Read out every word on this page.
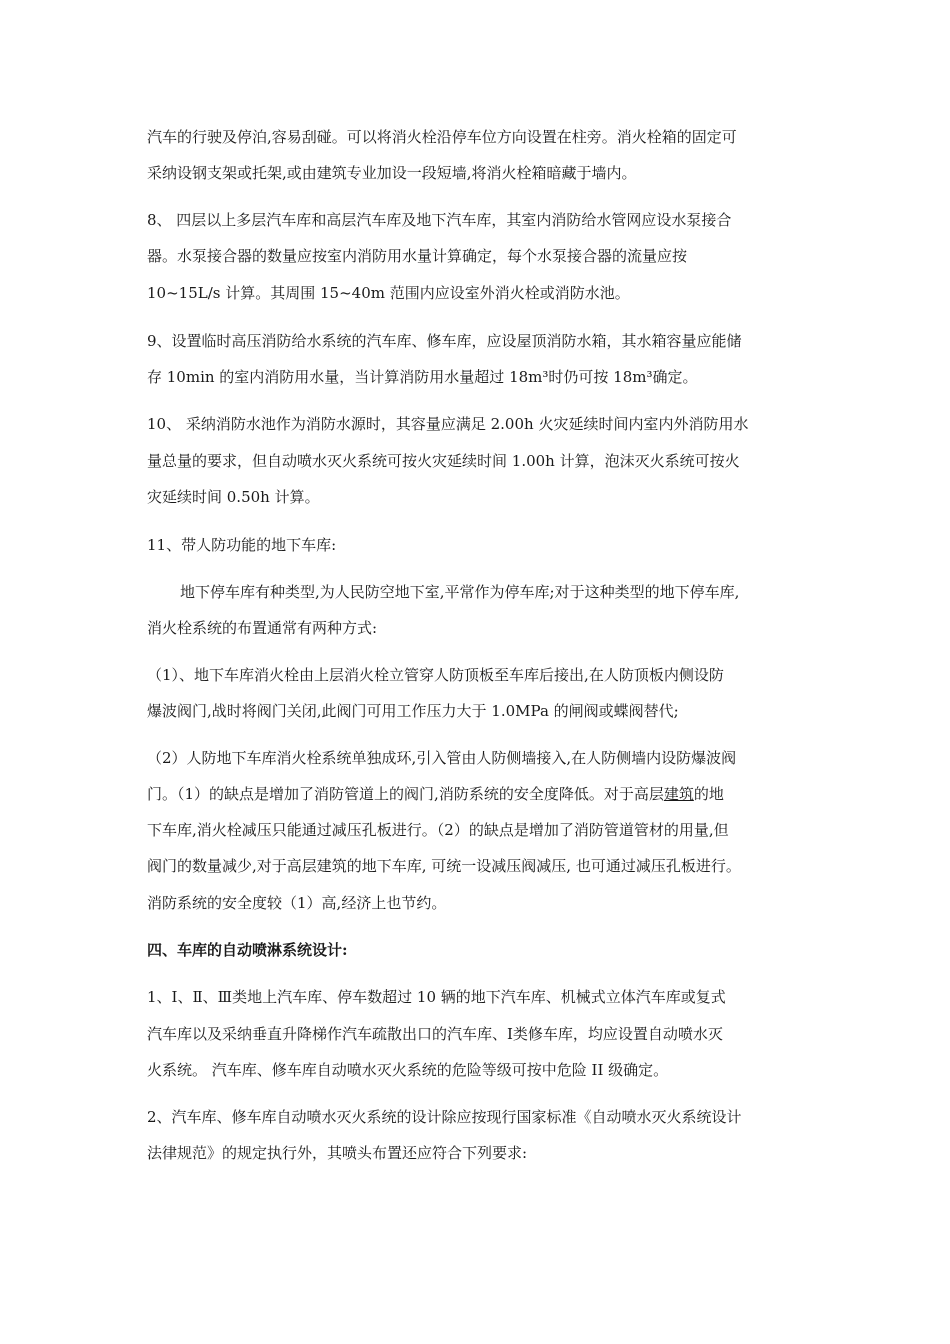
汽车的行驶及停泊,容易刮碰。可以将消火栓沿停车位方向设置在柱旁。消火栓箱的固定可

采纳设钢支架或托架,或由建筑专业加设一段短墙,将消火栓箱暗藏于墙内。

8、 四层以上多层汽车库和高层汽车库及地下汽车库，其室内消防给水管网应设水泵接合

器。水泵接合器的数量应按室内消防用水量计算确定，每个水泵接合器的流量应按

10~15L/s 计算。其周围 15~40m 范围内应设室外消火栓或消防水池。

9、设置临时高压消防给水系统的汽车库、修车库，应设屋顶消防水箱，其水箱容量应能储

存 10min 的室内消防用水量，当计算消防用水量超过 18m³时仍可按 18m³确定。

10、 采纳消防水池作为消防水源时，其容量应满足 2.00h 火灾延续时间内室内外消防用水

量总量的要求，但自动喷水灭火系统可按火灾延续时间 1.00h 计算，泡沫灭火系统可按火

灾延续时间 0.50h 计算。

11、带人防功能的地下车库:

地下停车库有种类型,为人民防空地下室,平常作为停车库;对于这种类型的地下停车库,

消火栓系统的布置通常有两种方式:

（1）、地下车库消火栓由上层消火栓立管穿人防顶板至车库后接出,在人防顶板内侧设防

爆波阀门,战时将阀门关闭,此阀门可用工作压力大于 1.0MPa 的闸阀或蝶阀替代;

（2）人防地下车库消火栓系统单独成环,引入管由人防侧墙接入,在人防侧墙内设防爆波阀

门。（1）的缺点是增加了消防管道上的阀门,消防系统的安全度降低。对于高层建筑的地

下车库,消火栓减压只能通过减压孔板进行。（2）的缺点是增加了消防管道管材的用量,但

阀门的数量减少,对于高层建筑的地下车库, 可统一设减压阀减压, 也可通过减压孔板进行。

消防系统的安全度较（1）高,经济上也节约。

四、车库的自动喷淋系统设计:

1、Ⅰ、Ⅱ、Ⅲ类地上汽车库、停车数超过 10 辆的地下汽车库、机械式立体汽车库或复式

汽车库以及采纳垂直升降梯作汽车疏散出口的汽车库、Ⅰ类修车库，均应设置自动喷水灭

火系统。 汽车库、修车库自动喷水灭火系统的危险等级可按中危险 II 级确定。

2、汽车库、修车库自动喷水灭火系统的设计除应按现行国家标准《自动喷水灭火系统设计

法律规范》的规定执行外，其喷头布置还应符合下列要求:
